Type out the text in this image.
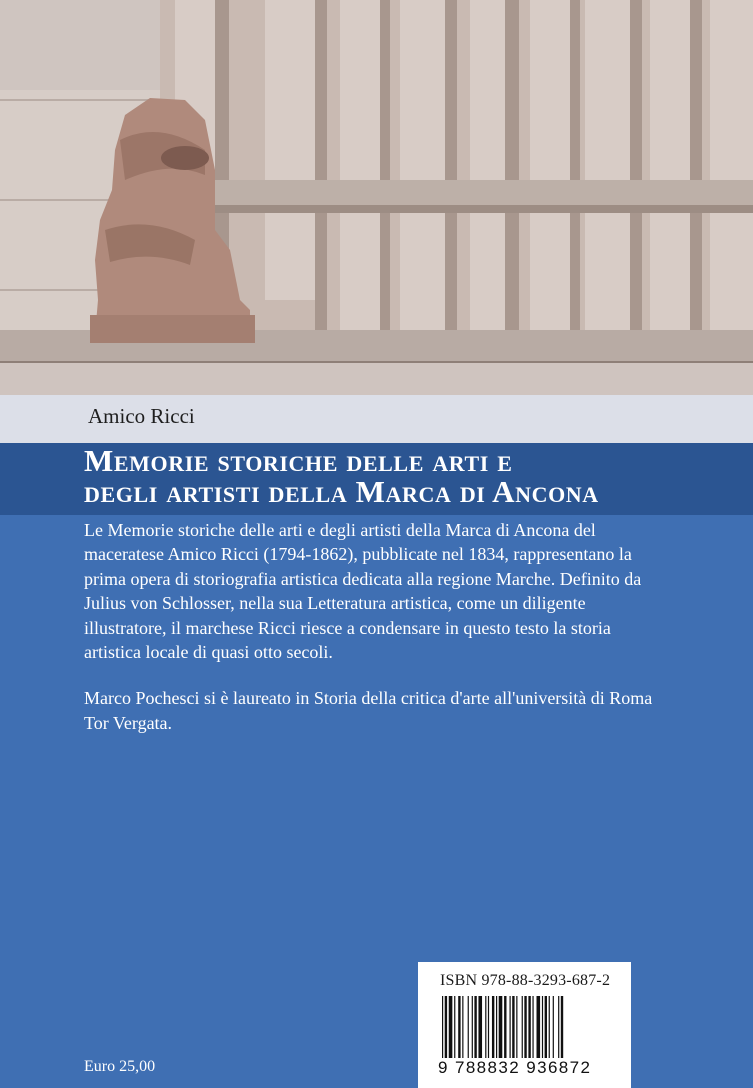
Amico Ricci
Memorie storiche delle arti e
degli artisti della Marca di Ancona

Le Memorie storiche delle arti e degli artisti della Marca di Ancona del maceratese Amico Ricci (1794-1862), pubblicate nel 1834, rappresentano la prima opera di storiografia artistica dedicata alla regione Marche. Definito da Julius von Schlosser, nella sua Letteratura artistica, come un diligente illustratore, il marchese Ricci riesce a condensare in questo testo la storia artistica locale di quasi otto secoli.

Marco Pochesci si è laureato in Storia della critica d'arte all'università di Roma Tor Vergata.

Euro 25,00
ISBN 978-88-3293-687-2
9 788832 936872
